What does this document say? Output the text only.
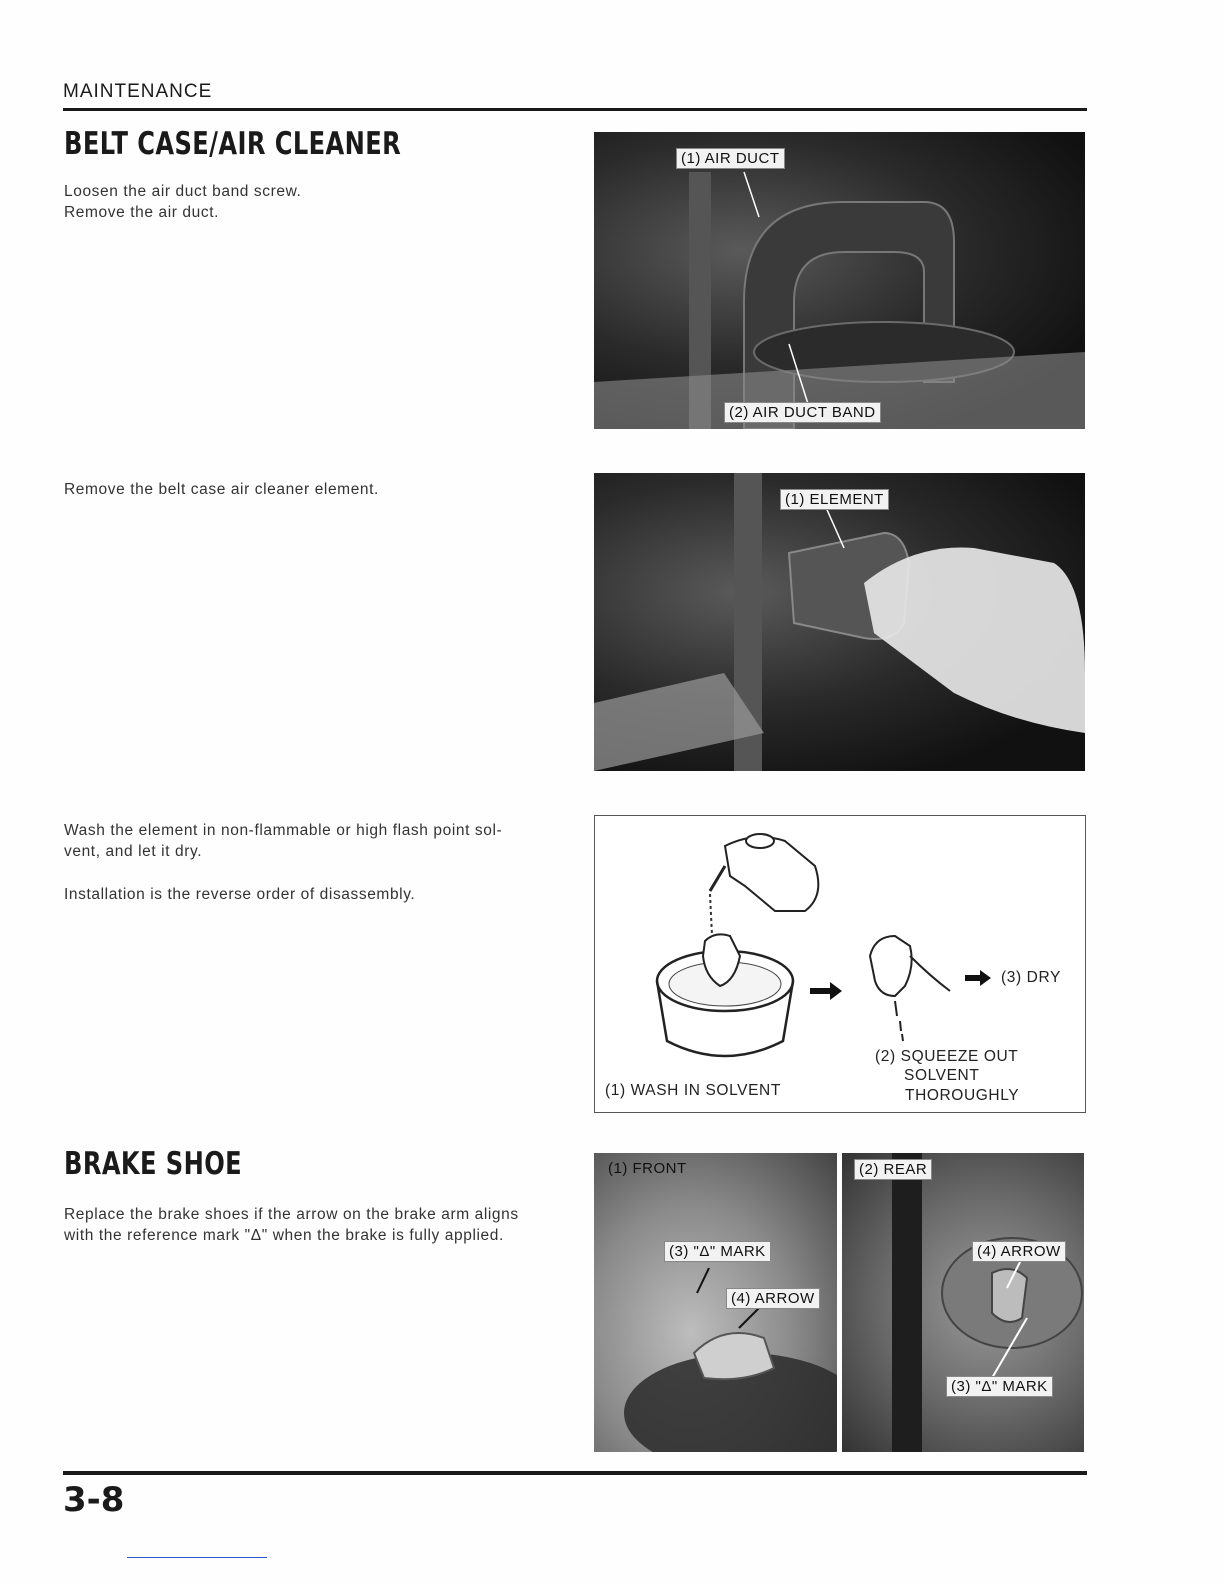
MAINTENANCE
BELT CASE/AIR CLEANER
Loosen the air duct band screw.
Remove the air duct.
(1) AIR DUCT
(2) AIR DUCT BAND
Remove the belt case air cleaner element.
(1) ELEMENT
Wash the element in non-flammable or high flash point sol-
vent, and let it dry.
Installation is the reverse order of disassembly.
(3) DRY
(2) SQUEEZE OUT
SOLVENT
THOROUGHLY
(1) WASH IN SOLVENT
BRAKE SHOE
Replace the brake shoes if the arrow on the brake arm aligns
with the reference mark "Δ" when the brake is fully applied.
(1) FRONT
(3) "Δ" MARK
(4) ARROW
(2) REAR
(4) ARROW
(3) "Δ" MARK
3-8
